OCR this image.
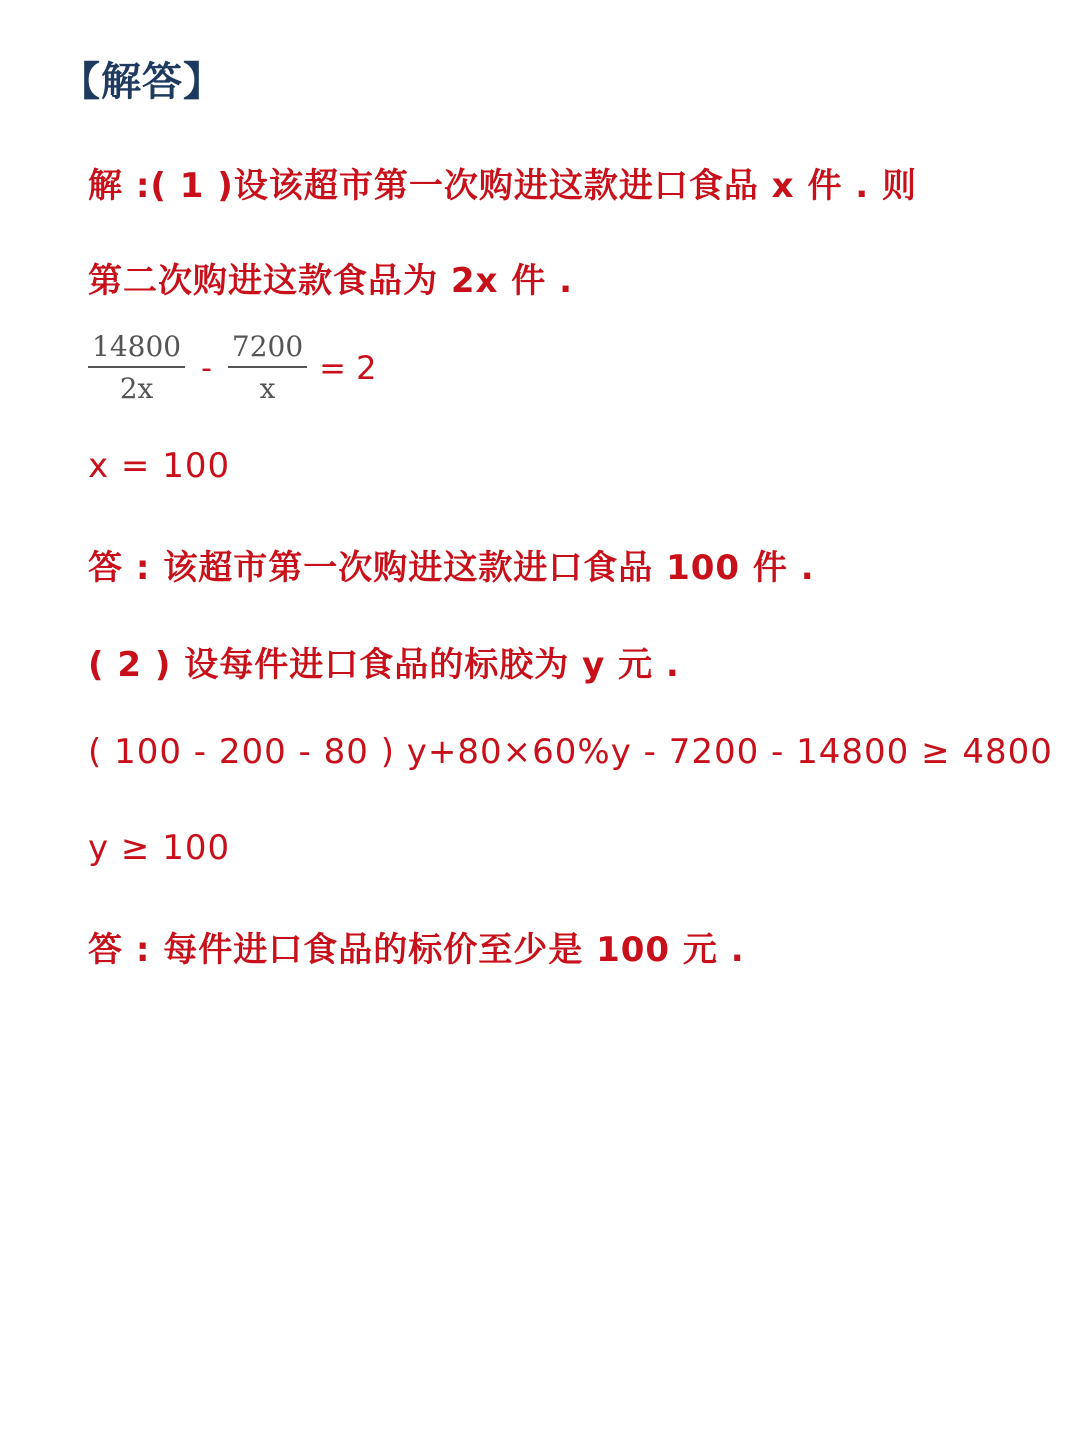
【解答】
解 :( 1 )设该超市第一次购进这款进口食品 x 件 . 则
第二次购进这款食品为 2x 件 .
$\frac{14800}{2x} - \frac{7200}{x} = 2$
x = 100
答 : 该超市第一次购进这款进口食品 100 件 .
( 2 ) 设每件进口食品的标胶为 y 元 .
( 100 - 200 - 80 ) y+80×60%y - 7200 - 14800 ≥ 4800
y ≥ 100
答 : 每件进口食品的标价至少是 100 元 .
